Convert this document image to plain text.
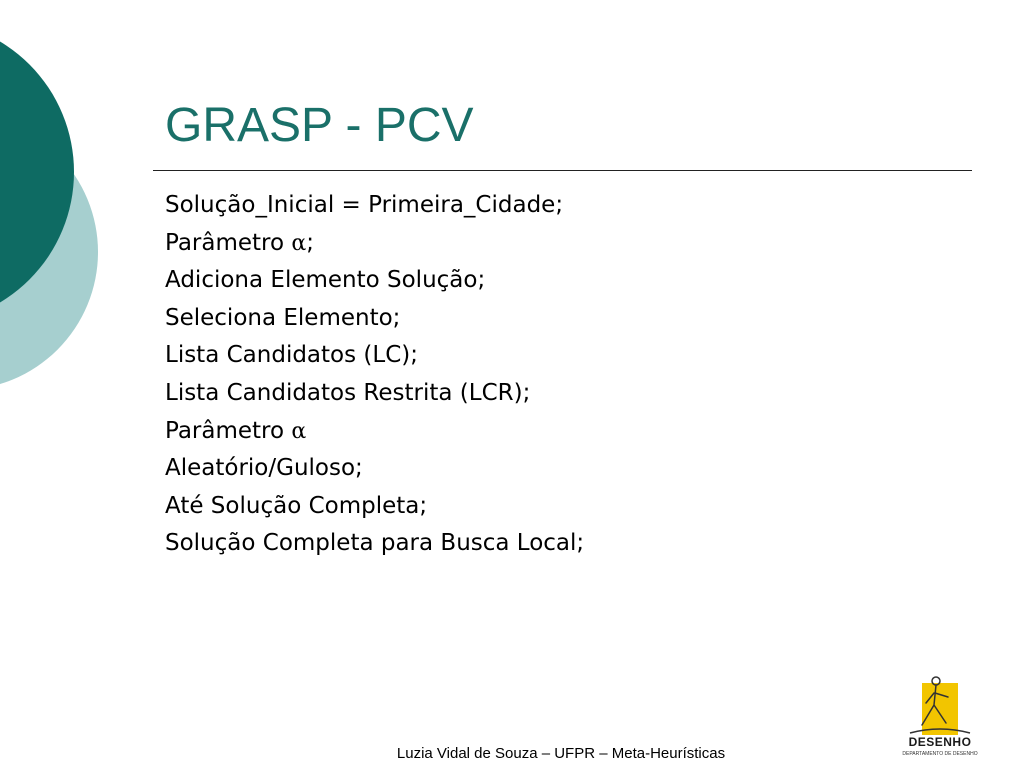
GRASP - PCV
Solução_Inicial = Primeira_Cidade;
Parâmetro α;
Adiciona Elemento Solução;
Seleciona Elemento;
Lista Candidatos (LC);
Lista Candidatos Restrita (LCR);
Parâmetro α
Aleatório/Guloso;
Até Solução Completa;
Solução Completa para Busca Local;
Luzia Vidal de Souza – UFPR – Meta-Heurísticas
DESENHO
DEPARTAMENTO DE DESENHO
